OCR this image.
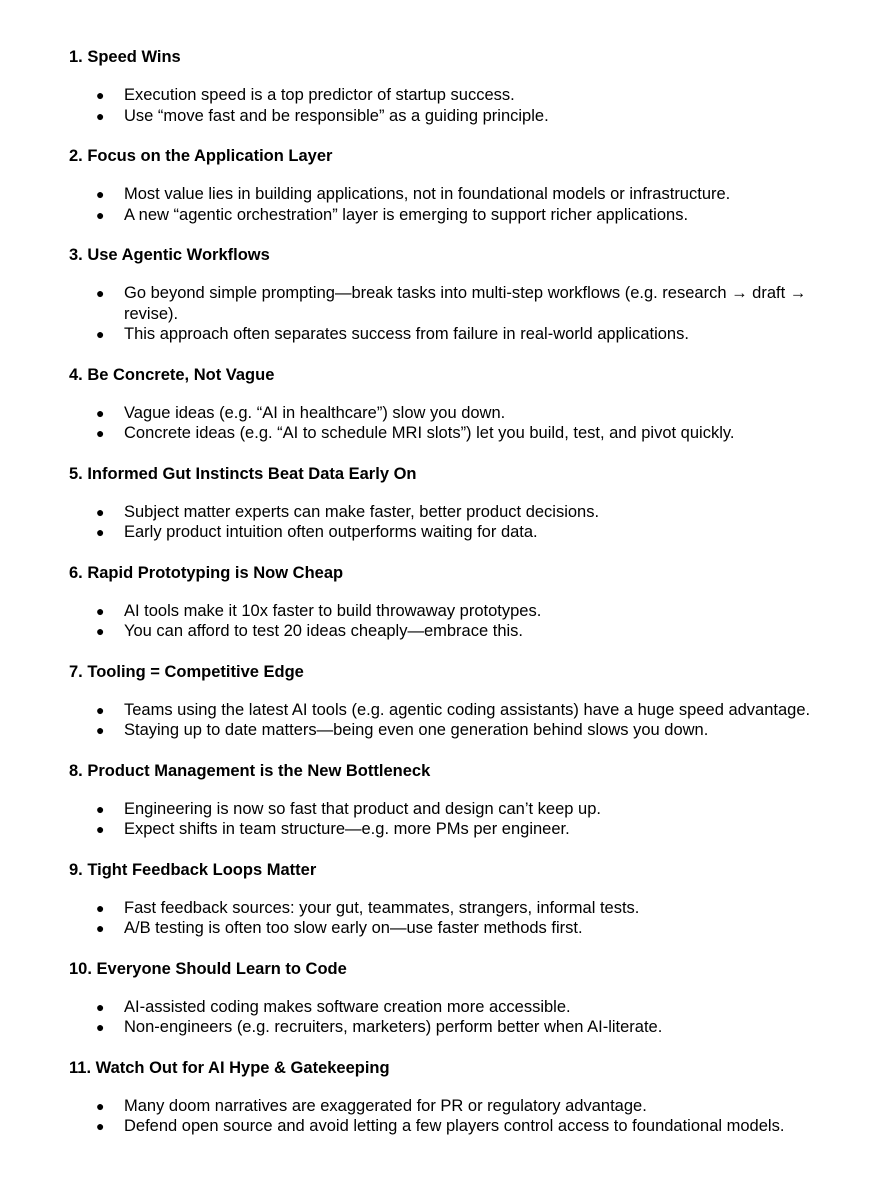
1. Speed Wins
● Execution speed is a top predictor of startup success.
● Use “move fast and be responsible” as a guiding principle.
2. Focus on the Application Layer
● Most value lies in building applications, not in foundational models or infrastructure.
● A new “agentic orchestration” layer is emerging to support richer applications.
3. Use Agentic Workflows
● Go beyond simple prompting—break tasks into multi-step workflows (e.g. research → draft → revise).
● This approach often separates success from failure in real-world applications.
4. Be Concrete, Not Vague
● Vague ideas (e.g. “AI in healthcare”) slow you down.
● Concrete ideas (e.g. “AI to schedule MRI slots”) let you build, test, and pivot quickly.
5. Informed Gut Instincts Beat Data Early On
● Subject matter experts can make faster, better product decisions.
● Early product intuition often outperforms waiting for data.
6. Rapid Prototyping is Now Cheap
● AI tools make it 10x faster to build throwaway prototypes.
● You can afford to test 20 ideas cheaply—embrace this.
7. Tooling = Competitive Edge
● Teams using the latest AI tools (e.g. agentic coding assistants) have a huge speed advantage.
● Staying up to date matters—being even one generation behind slows you down.
8. Product Management is the New Bottleneck
● Engineering is now so fast that product and design can’t keep up.
● Expect shifts in team structure—e.g. more PMs per engineer.
9. Tight Feedback Loops Matter
● Fast feedback sources: your gut, teammates, strangers, informal tests.
● A/B testing is often too slow early on—use faster methods first.
10. Everyone Should Learn to Code
● AI-assisted coding makes software creation more accessible.
● Non-engineers (e.g. recruiters, marketers) perform better when AI-literate.
11. Watch Out for AI Hype & Gatekeeping
● Many doom narratives are exaggerated for PR or regulatory advantage.
● Defend open source and avoid letting a few players control access to foundational models.
